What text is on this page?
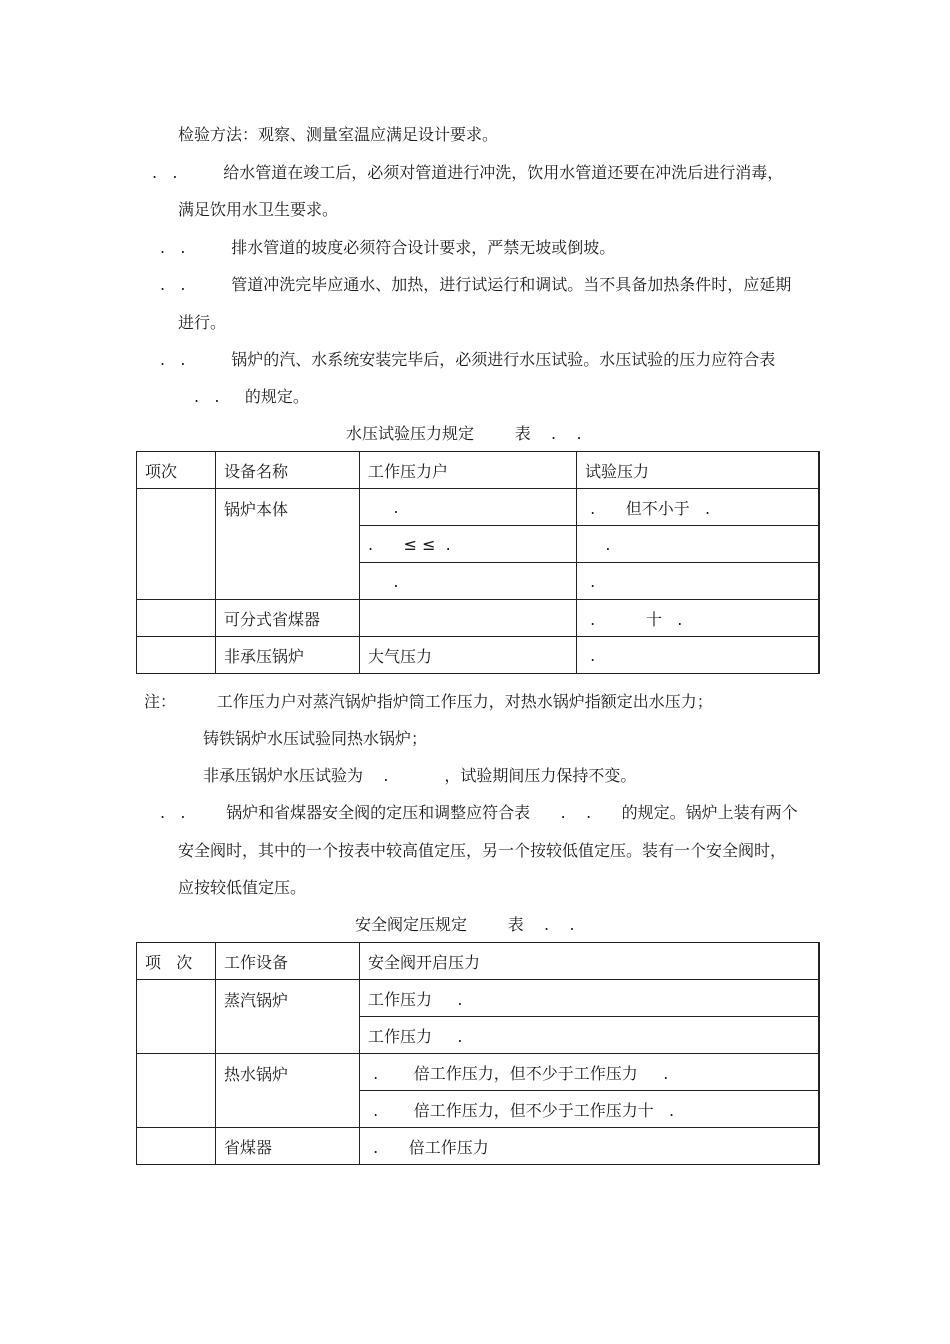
检验方法：观察、测量室温应满足设计要求。
.   .         给水管道在竣工后，必须对管道进行冲洗，饮用水管道还要在冲洗后进行消毒，
满足饮用水卫生要求。
.   .         排水管道的坡度必须符合设计要求，严禁无坡或倒坡。
.   .         管道冲洗完毕应通水、加热，进行试运行和调试。当不具备加热条件时，应延期
进行。
.   .         锅炉的汽、水系统安装完毕后，必须进行水压试验。水压试验的压力应符合表
.   .     的规定。
水压试验压力规定        表    .    .
项次	设备名称	工作压力户	试验压力
	锅炉本体	.	.      但不小于   .
		.      ≤ ≤  .	.
		.	.
	可分式省煤器		.          十   .
	非承压锅炉	大气压力	.
注：        工作压力户对蒸汽锅炉指炉筒工作压力，对热水锅炉指额定出水压力；
铸铁锅炉水压试验同热水锅炉；
非承压锅炉水压试验为    .           ，试验期间压力保持不变。
.   .        锅炉和省煤器安全阀的定压和调整应符合表      .    .      的规定。锅炉上装有两个
安全阀时，其中的一个按表中较高值定压，另一个按较低值定压。装有一个安全阀时，
应按较低值定压。
安全阀定压规定        表    .    .
项   次	工作设备	安全阀开启压力
	蒸汽锅炉	工作压力     .
		工作压力     .
	热水锅炉	.       倍工作压力，但不少于工作压力     .
		.       倍工作压力，但不少于工作压力十   .
	省煤器	.      倍工作压力
